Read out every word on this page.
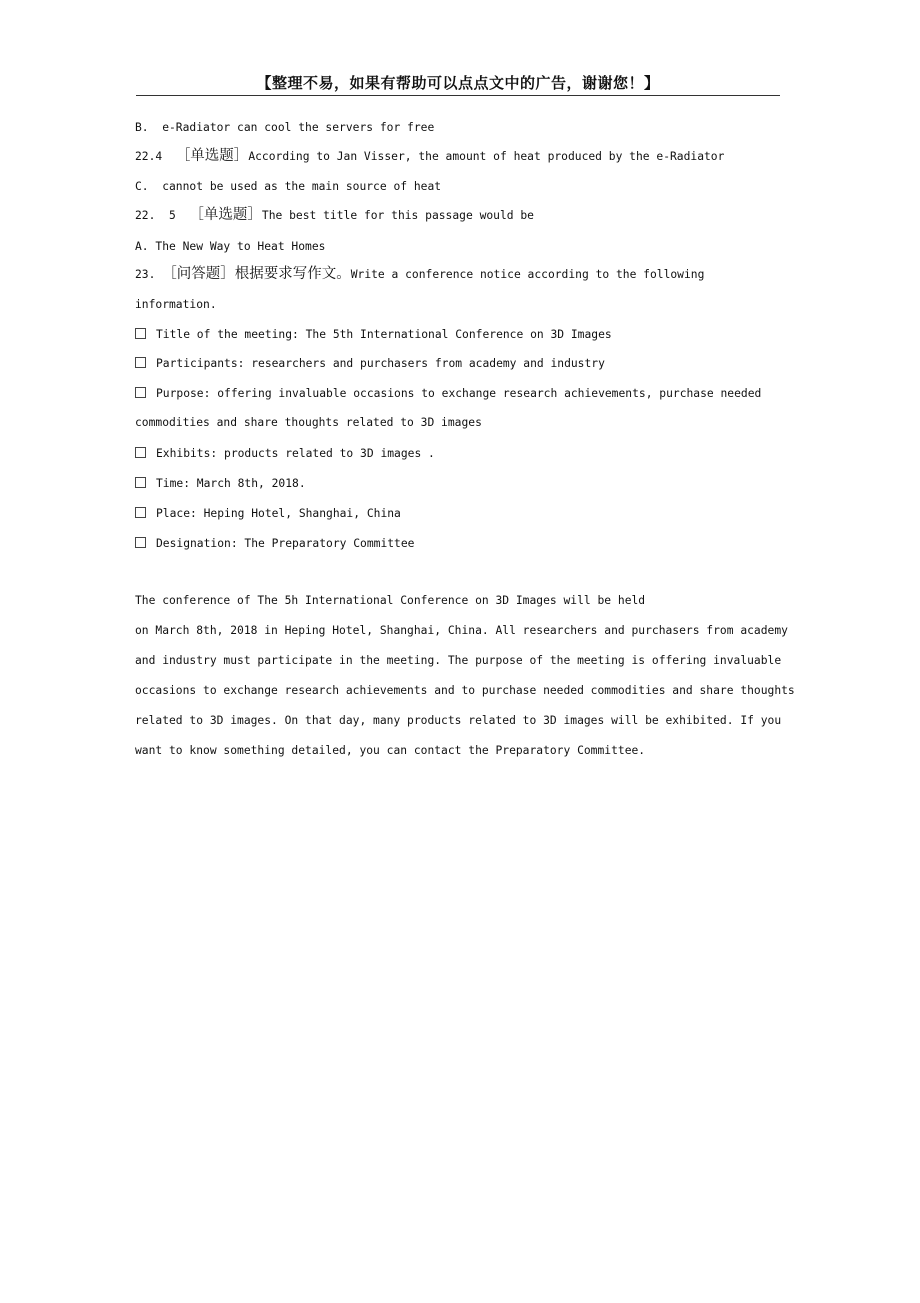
【整理不易，如果有帮助可以点点文中的广告，谢谢您！】
B.  e-Radiator can cool the servers for free
22.4  ［单选题］According to Jan Visser, the amount of heat produced by the e-Radiator
C.  cannot be used as the main source of heat
22.  5  ［单选题］The best title for this passage would be
A. The New Way to Heat Homes
23. ［问答题］根据要求写作文。Write a conference notice according to the following
information.
Title of the meeting: The 5th International Conference on 3D Images
Participants: researchers and purchasers from academy and industry
Purpose: offering invaluable occasions to exchange research achievements, purchase needed
commodities and share thoughts related to 3D images
Exhibits: products related to 3D images .
Time: March 8th, 2018.
Place: Heping Hotel, Shanghai, China
Designation: The Preparatory Committee
The conference of The 5h International Conference on 3D Images will be held
on March 8th, 2018 in Heping Hotel, Shanghai, China. All researchers and purchasers from academy
and industry must participate in the meeting. The purpose of the meeting is offering invaluable
occasions to exchange research achievements and to purchase needed commodities and share thoughts
related to 3D images. On that day, many products related to 3D images will be exhibited. If you
want to know something detailed, you can contact the Preparatory Committee.
